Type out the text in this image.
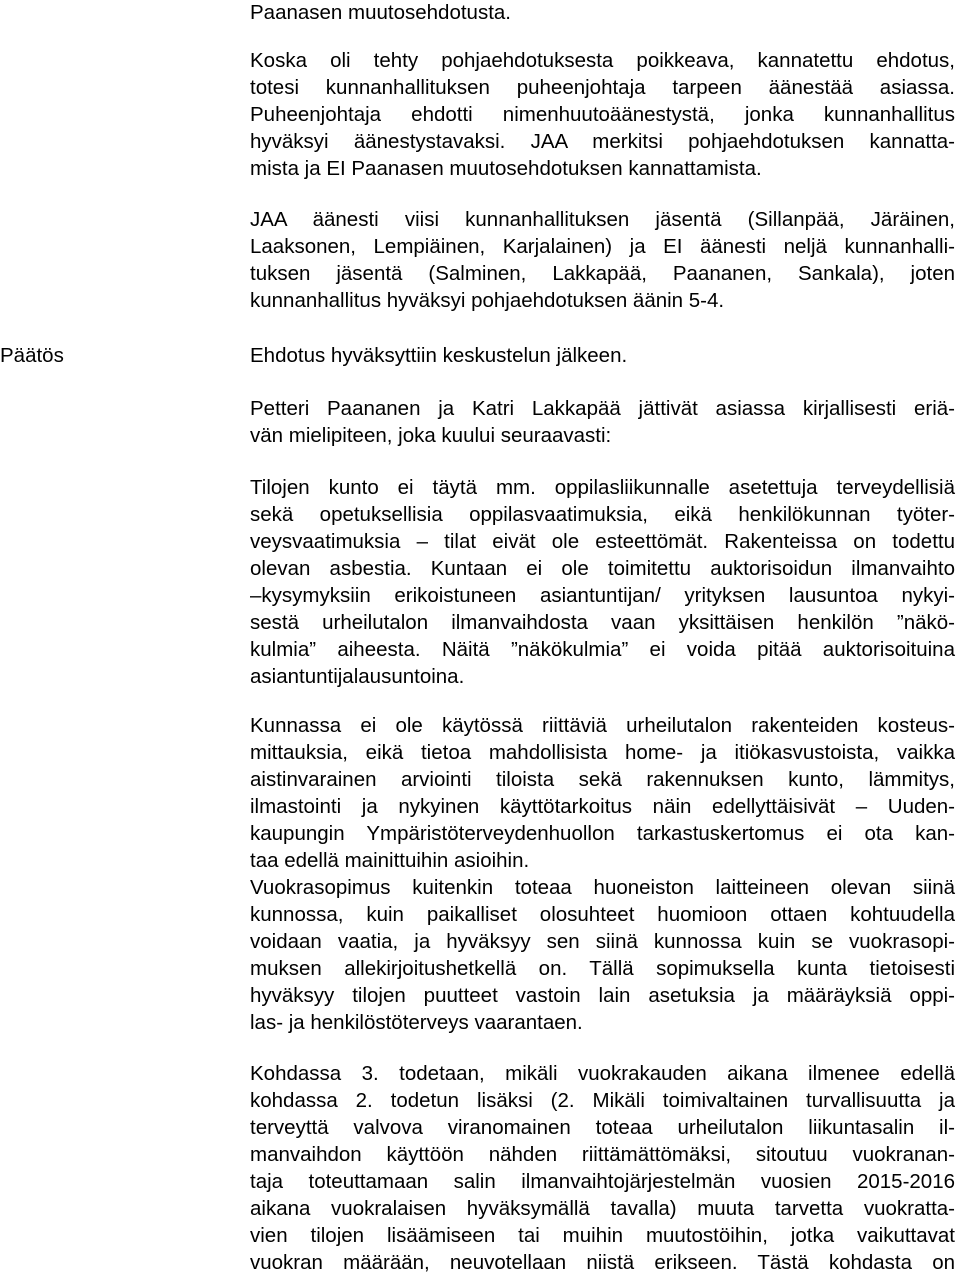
Päätös
Paanasen muutosehdotusta.
Koska oli tehty pohjaehdotuksesta poikkeava, kannatettu ehdotus,
totesi kunnanhallituksen puheenjohtaja tarpeen äänestää asiassa.
Puheenjohtaja ehdotti nimenhuutoäänestystä, jonka kunnanhallitus
hyväksyi äänestystavaksi. JAA merkitsi pohjaehdotuksen kannatta-
mista ja EI Paanasen muutosehdotuksen kannattamista.
JAA äänesti viisi kunnanhallituksen jäsentä (Sillanpää, Järäinen,
Laaksonen, Lempiäinen, Karjalainen) ja EI äänesti neljä kunnanhalli-
tuksen jäsentä (Salminen, Lakkapää, Paananen, Sankala), joten
kunnanhallitus hyväksyi pohjaehdotuksen äänin 5-4.
Ehdotus hyväksyttiin keskustelun jälkeen.
Petteri Paananen ja Katri Lakkapää jättivät asiassa kirjallisesti eriä-
vän mielipiteen, joka kuului seuraavasti:
Tilojen kunto ei täytä mm. oppilasliikunnalle asetettuja terveydellisiä
sekä opetuksellisia oppilasvaatimuksia, eikä henkilökunnan työter-
veysvaatimuksia – tilat eivät ole esteettömät. Rakenteissa on todettu
olevan asbestia. Kuntaan ei ole toimitettu auktorisoidun ilmanvaihto
–kysymyksiin erikoistuneen asiantuntijan/ yrityksen lausuntoa nykyi-
sestä urheilutalon ilmanvaihdosta vaan yksittäisen henkilön ”näkö-
kulmia” aiheesta. Näitä ”näkökulmia” ei voida pitää auktorisoituina
asiantuntijalausuntoina.
Kunnassa ei ole käytössä riittäviä urheilutalon rakenteiden kosteus-
mittauksia, eikä tietoa mahdollisista home- ja itiökasvustoista, vaikka
aistinvarainen arviointi tiloista sekä rakennuksen kunto, lämmitys,
ilmastointi ja nykyinen käyttötarkoitus näin edellyttäisivät – Uuden-
kaupungin Ympäristöterveydenhuollon tarkastuskertomus ei ota kan-
taa edellä mainittuihin asioihin.
Vuokrasopimus kuitenkin toteaa huoneiston laitteineen olevan siinä
kunnossa, kuin paikalliset olosuhteet huomioon ottaen kohtuudella
voidaan vaatia, ja hyväksyy sen siinä kunnossa kuin se vuokrasopi-
muksen allekirjoitushetkellä on. Tällä sopimuksella kunta tietoisesti
hyväksyy tilojen puutteet vastoin lain asetuksia ja määräyksiä oppi-
las- ja henkilöstöterveys vaarantaen.
Kohdassa 3. todetaan, mikäli vuokrakauden aikana ilmenee edellä
kohdassa 2. todetun lisäksi (2. Mikäli toimivaltainen turvallisuutta ja
terveyttä valvova viranomainen toteaa urheilutalon liikuntasalin il-
manvaihdon käyttöön nähden riittämättömäksi, sitoutuu vuokranan-
taja toteuttamaan salin ilmanvaihtojärjestelmän vuosien 2015-2016
aikana vuokralaisen hyväksymällä tavalla) muuta tarvetta vuokratta-
vien tilojen lisäämiseen tai muihin muutostöihin, jotka vaikuttavat
vuokran määrään, neuvotellaan niistä erikseen. Tästä kohdasta on
